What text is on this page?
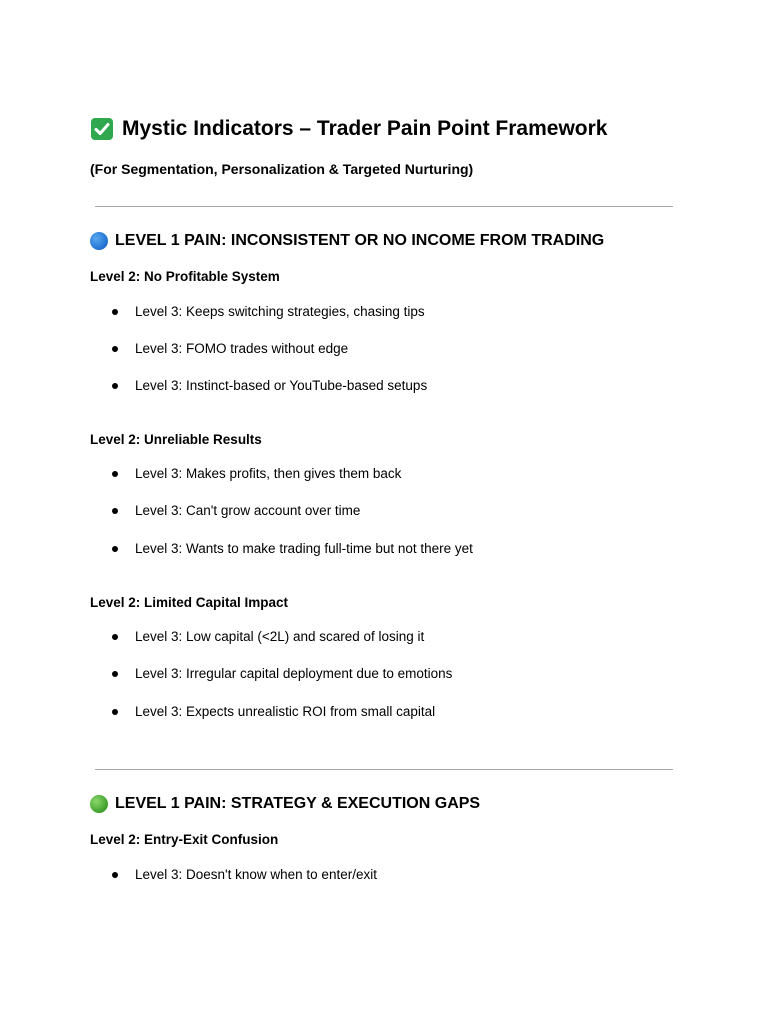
Mystic Indicators – Trader Pain Point Framework
(For Segmentation, Personalization & Targeted Nurturing)
LEVEL 1 PAIN: INCONSISTENT OR NO INCOME FROM TRADING
Level 2: No Profitable System
Level 3: Keeps switching strategies, chasing tips
Level 3: FOMO trades without edge
Level 3: Instinct-based or YouTube-based setups
Level 2: Unreliable Results
Level 3: Makes profits, then gives them back
Level 3: Can't grow account over time
Level 3: Wants to make trading full-time but not there yet
Level 2: Limited Capital Impact
Level 3: Low capital (<2L) and scared of losing it
Level 3: Irregular capital deployment due to emotions
Level 3: Expects unrealistic ROI from small capital
LEVEL 1 PAIN: STRATEGY & EXECUTION GAPS
Level 2: Entry-Exit Confusion
Level 3: Doesn't know when to enter/exit
